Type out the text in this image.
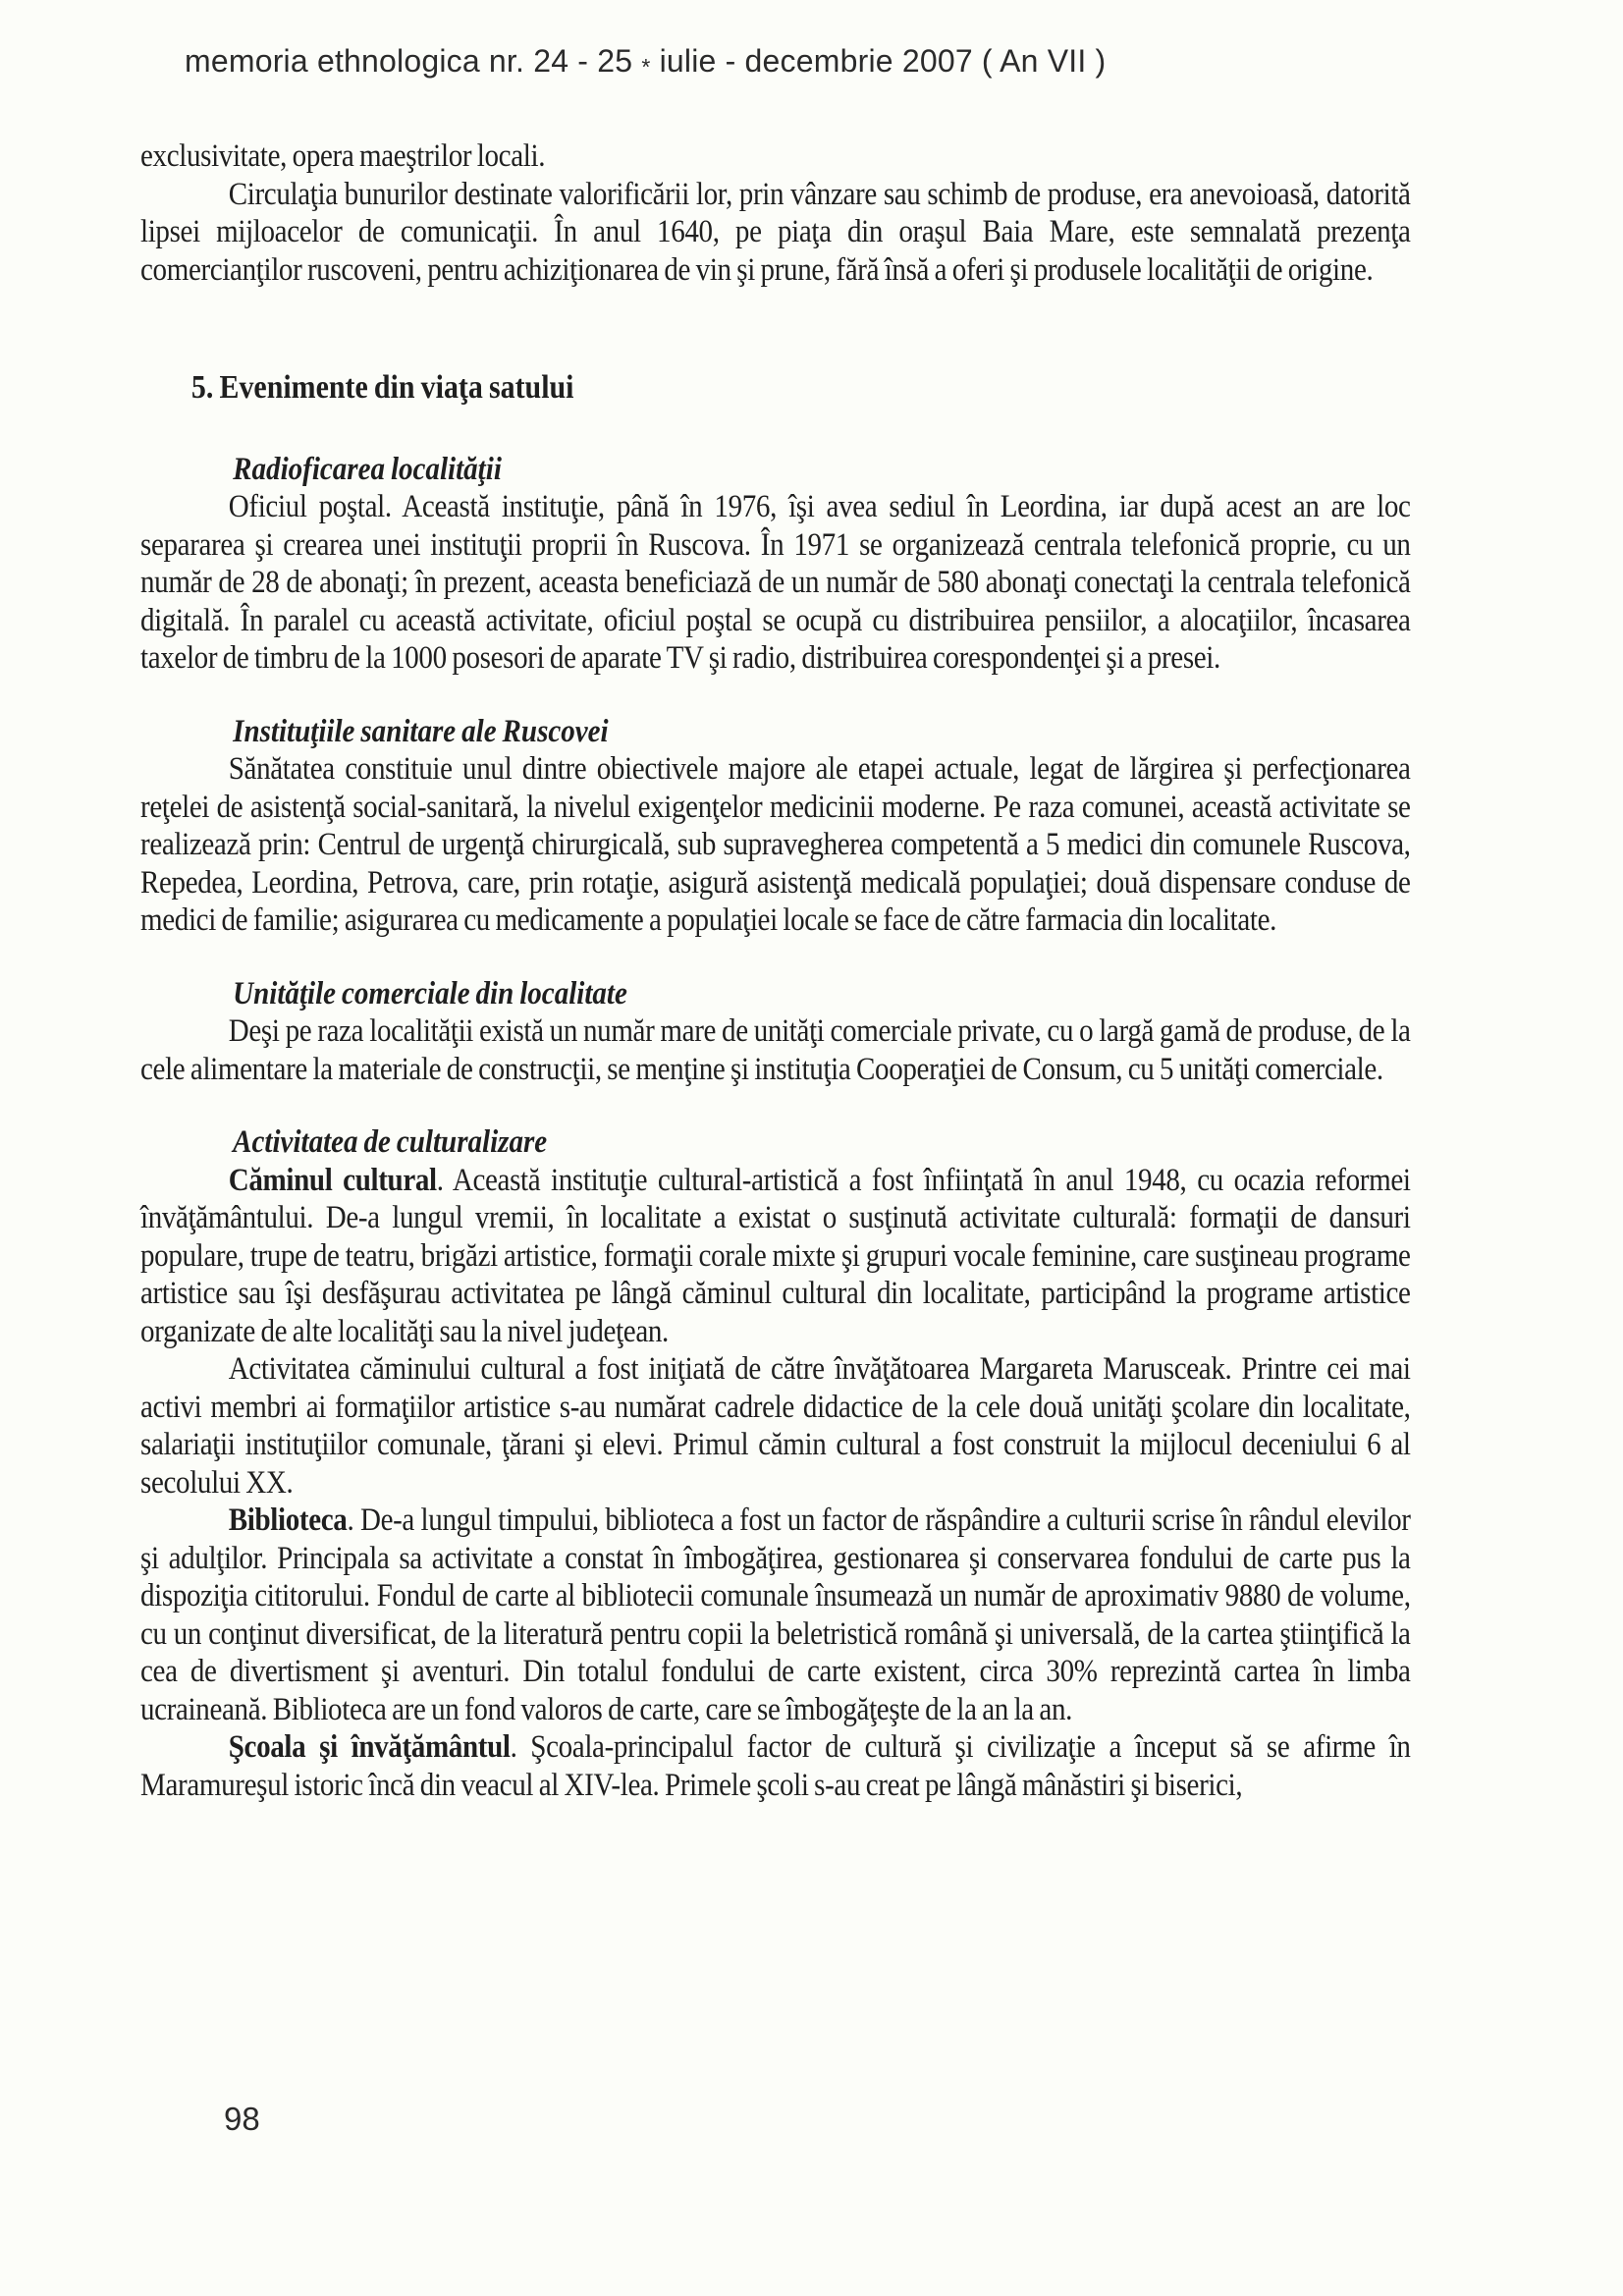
memoria ethnologica nr. 24 - 25 * iulie - decembrie 2007 ( An VII )

exclusivitate, opera maeştrilor locali.

Circulaţia bunurilor destinate valorificării lor, prin vânzare sau schimb de produse, era anevoioasă, datorită lipsei mijloacelor de comunicaţii. În anul 1640, pe piaţa din oraşul Baia Mare, este semnalată prezenţa comercianţilor ruscoveni, pentru achiziţionarea de vin şi prune, fără însă a oferi şi produsele localităţii de origine.

5. Evenimente din viaţa satului
Radioficarea localităţii

Oficiul poştal. Această instituţie, până în 1976, îşi avea sediul în Leordina, iar după acest an are loc separarea şi crearea unei instituţii proprii în Ruscova. În 1971 se organizează centrala telefonică proprie, cu un număr de 28 de abonaţi; în prezent, aceasta beneficiază de un număr de 580 abonaţi conectaţi la centrala telefonică digitală. În paralel cu această activitate, oficiul poştal se ocupă cu distribuirea pensiilor, a alocaţiilor, încasarea taxelor de timbru de la 1000 posesori de aparate TV şi radio, distribuirea corespondenţei şi a presei.

Instituţiile sanitare ale Ruscovei

Sănătatea constituie unul dintre obiectivele majore ale etapei actuale, legat de lărgirea şi perfecţionarea reţelei de asistenţă social-sanitară, la nivelul exigenţelor medicinii moderne. Pe raza comunei, această activitate se realizează prin: Centrul de urgenţă chirurgicală, sub supravegherea competentă a 5 medici din comunele Ruscova, Repedea, Leordina, Petrova, care, prin rotaţie, asigură asistenţă medicală populaţiei; două dispensare conduse de medici de familie; asigurarea cu medicamente a populaţiei locale se face de către farmacia din localitate.

Unităţile comerciale din localitate

Deşi pe raza localităţii există un număr mare de unităţi comerciale private, cu o largă gamă de produse, de la cele alimentare la materiale de construcţii, se menţine şi instituţia Cooperaţiei de Consum, cu 5 unităţi comerciale.

Activitatea de culturalizare

Căminul cultural. Această instituţie cultural-artistică a fost înfiinţată în anul 1948, cu ocazia reformei învăţământului. De-a lungul vremii, în localitate a existat o susţinută activitate culturală: formaţii de dansuri populare, trupe de teatru, brigăzi artistice, formaţii corale mixte şi grupuri vocale feminine, care susţineau programe artistice sau îşi desfăşurau activitatea pe lângă căminul cultural din localitate, participând la programe artistice organizate de alte localităţi sau la nivel judeţean.

Activitatea căminului cultural a fost iniţiată de către învăţătoarea Margareta Marusceak. Printre cei mai activi membri ai formaţiilor artistice s-au numărat cadrele didactice de la cele două unităţi şcolare din localitate, salariaţii instituţiilor comunale, ţărani şi elevi. Primul cămin cultural a fost construit la mijlocul deceniului 6 al secolului XX.

Biblioteca. De-a lungul timpului, biblioteca a fost un factor de răspândire a culturii scrise în rândul elevilor şi adulţilor. Principala sa activitate a constat în îmbogăţirea, gestionarea şi conservarea fondului de carte pus la dispoziţia cititorului. Fondul de carte al bibliotecii comunale însumează un număr de aproximativ 9880 de volume, cu un conţinut diversificat, de la literatură pentru copii la beletristică română şi universală, de la cartea ştiinţifică la cea de divertisment şi aventuri. Din totalul fondului de carte existent, circa 30% reprezintă cartea în limba ucraineană. Biblioteca are un fond valoros de carte, care se îmbogăţeşte de la an la an.

Şcoala şi învăţământul. Şcoala-principalul factor de cultură şi civilizaţie a început să se afirme în Maramureşul istoric încă din veacul al XIV-lea. Primele şcoli s-au creat pe lângă mânăstiri şi biserici,

98
